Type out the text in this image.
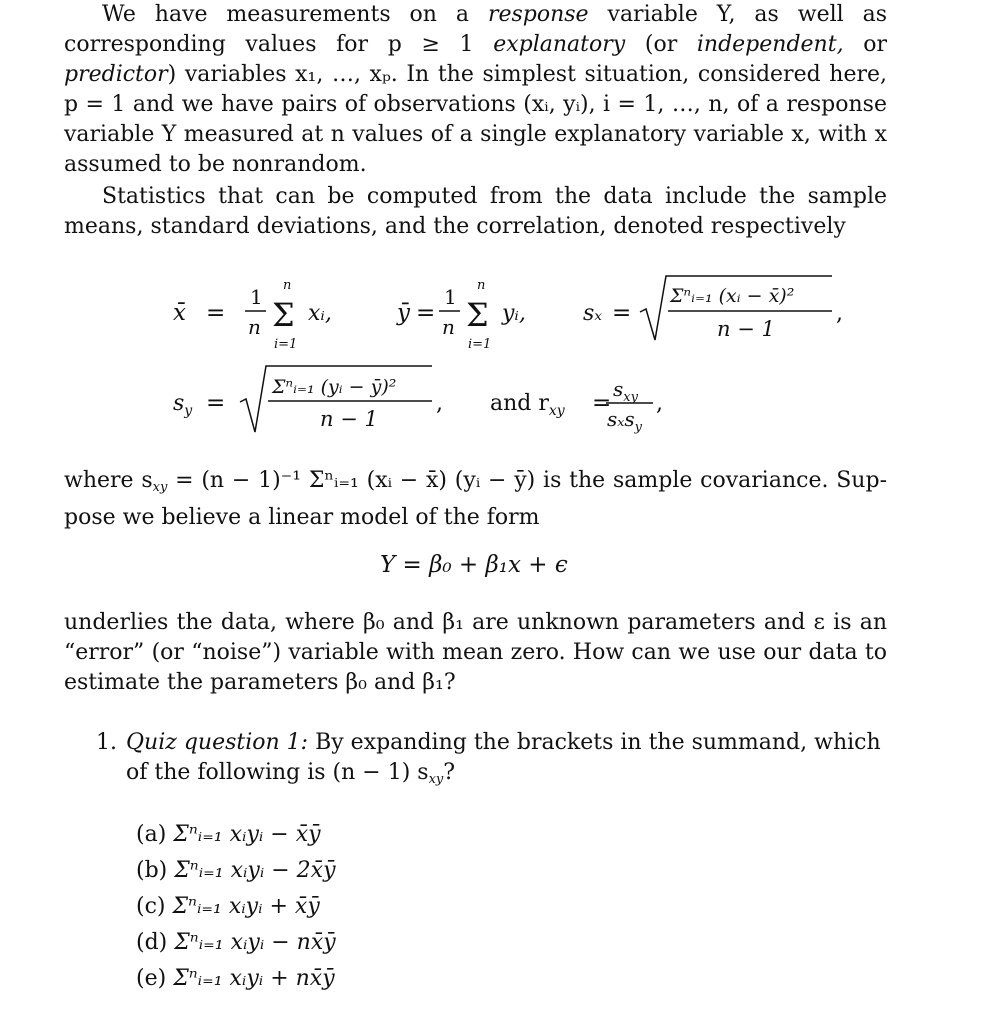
We have measurements on a response variable Y, as well as corresponding values for p ≥ 1 explanatory (or independent, or predictor) variables x₁, …, xₚ. In the simplest situation, considered here, p = 1 and we have pairs of observations (xᵢ, yᵢ), i = 1, …, n, of a response variable Y measured at n values of a single explanatory variable x, with x assumed to be nonrandom.
Statistics that can be computed from the data include the sample means, standard deviations, and the correlation, denoted respectively
x̄ =
1
n
n
Σ
i=1
xᵢ,	ȳ =
1
n
n
Σ
i=1
yᵢ,	sₓ =
Σⁿᵢ₌₁ (xᵢ − x̄)²
n − 1
,
$s_y$ =
Σⁿᵢ₌₁ (yᵢ − ȳ)²
n − 1
, and $r_{xy}$ =
$s_{xy}$
sₓs$_y$
,
where $s_{xy} = (n - 1)^{-1}$ Σⁿᵢ₌₁ (xᵢ − x̄) (yᵢ − ȳ) is the sample covariance. Suppose we believe a linear model of the form
Y = β₀ + β₁x + ϵ
underlies the data, where β₀ and β₁ are unknown parameters and ε is an “error” (or “noise”) variable with mean zero. How can we use our data to estimate the parameters β₀ and β₁?
1. Quiz question 1: By expanding the brackets in the summand, which of the following is (n − 1) $s_{xy}$?
(a) Σⁿᵢ₌₁ xᵢyᵢ − x̄ȳ
(b) Σⁿᵢ₌₁ xᵢyᵢ − 2x̄ȳ
(c) Σⁿᵢ₌₁ xᵢyᵢ + x̄ȳ
(d) Σⁿᵢ₌₁ xᵢyᵢ − nx̄ȳ
(e) Σⁿᵢ₌₁ xᵢyᵢ + nx̄ȳ
